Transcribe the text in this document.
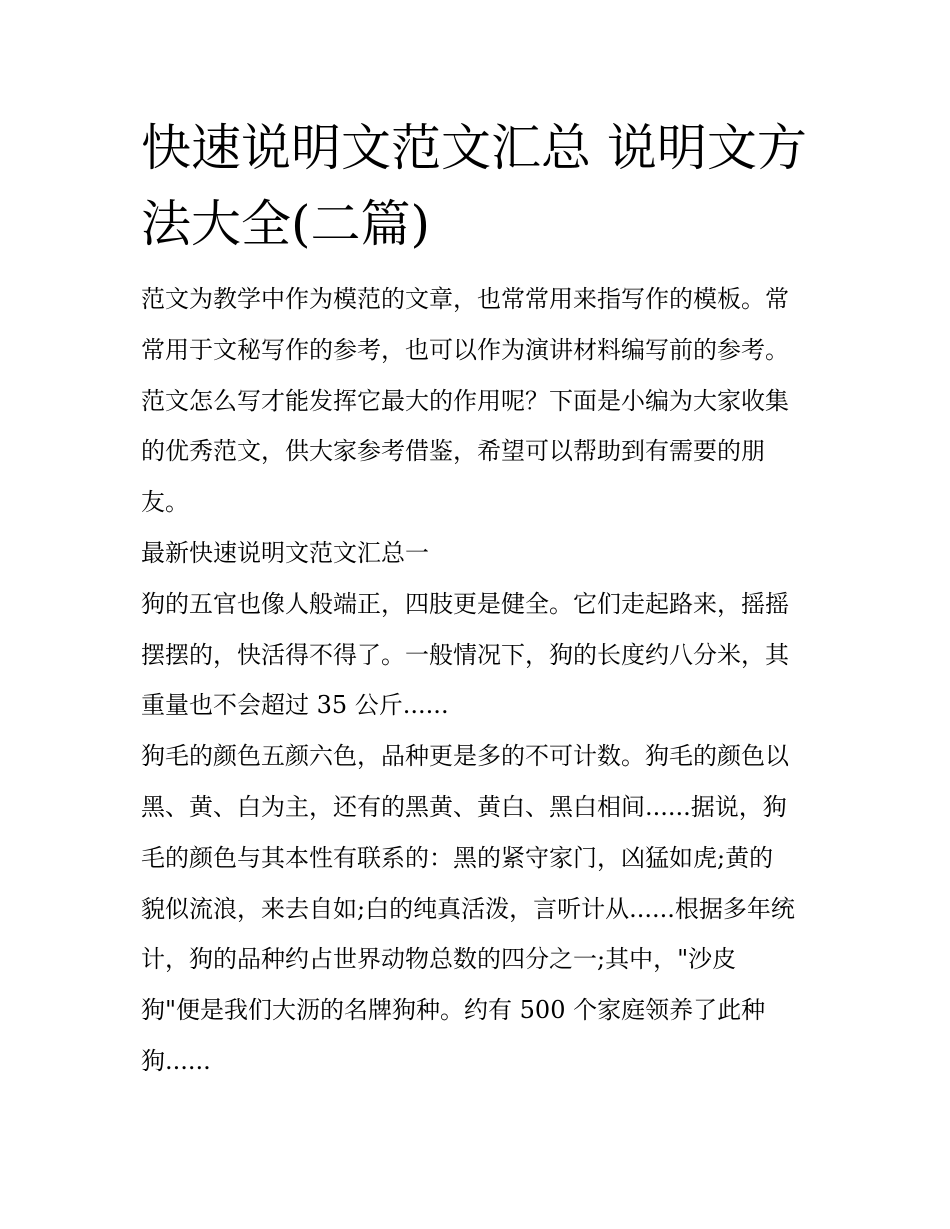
快速说明文范文汇总 说明文方
法大全(二篇)

范文为教学中作为模范的文章，也常常用来指写作的模板。常
常用于文秘写作的参考，也可以作为演讲材料编写前的参考。
范文怎么写才能发挥它最大的作用呢？下面是小编为大家收集
的优秀范文，供大家参考借鉴，希望可以帮助到有需要的朋
友。

最新快速说明文范文汇总一

狗的五官也像人般端正，四肢更是健全。它们走起路来，摇摇
摆摆的，快活得不得了。一般情况下，狗的长度约八分米，其
重量也不会超过 35 公斤......

狗毛的颜色五颜六色，品种更是多的不可计数。狗毛的颜色以
黑、黄、白为主，还有的黑黄、黄白、黑白相间......据说，狗
毛的颜色与其本性有联系的：黑的紧守家门，凶猛如虎;黄的
貌似流浪，来去自如;白的纯真活泼，言听计从......根据多年统
计，狗的品种约占世界动物总数的四分之一;其中，"沙皮
狗"便是我们大沥的名牌狗种。约有 500 个家庭领养了此种
狗......
